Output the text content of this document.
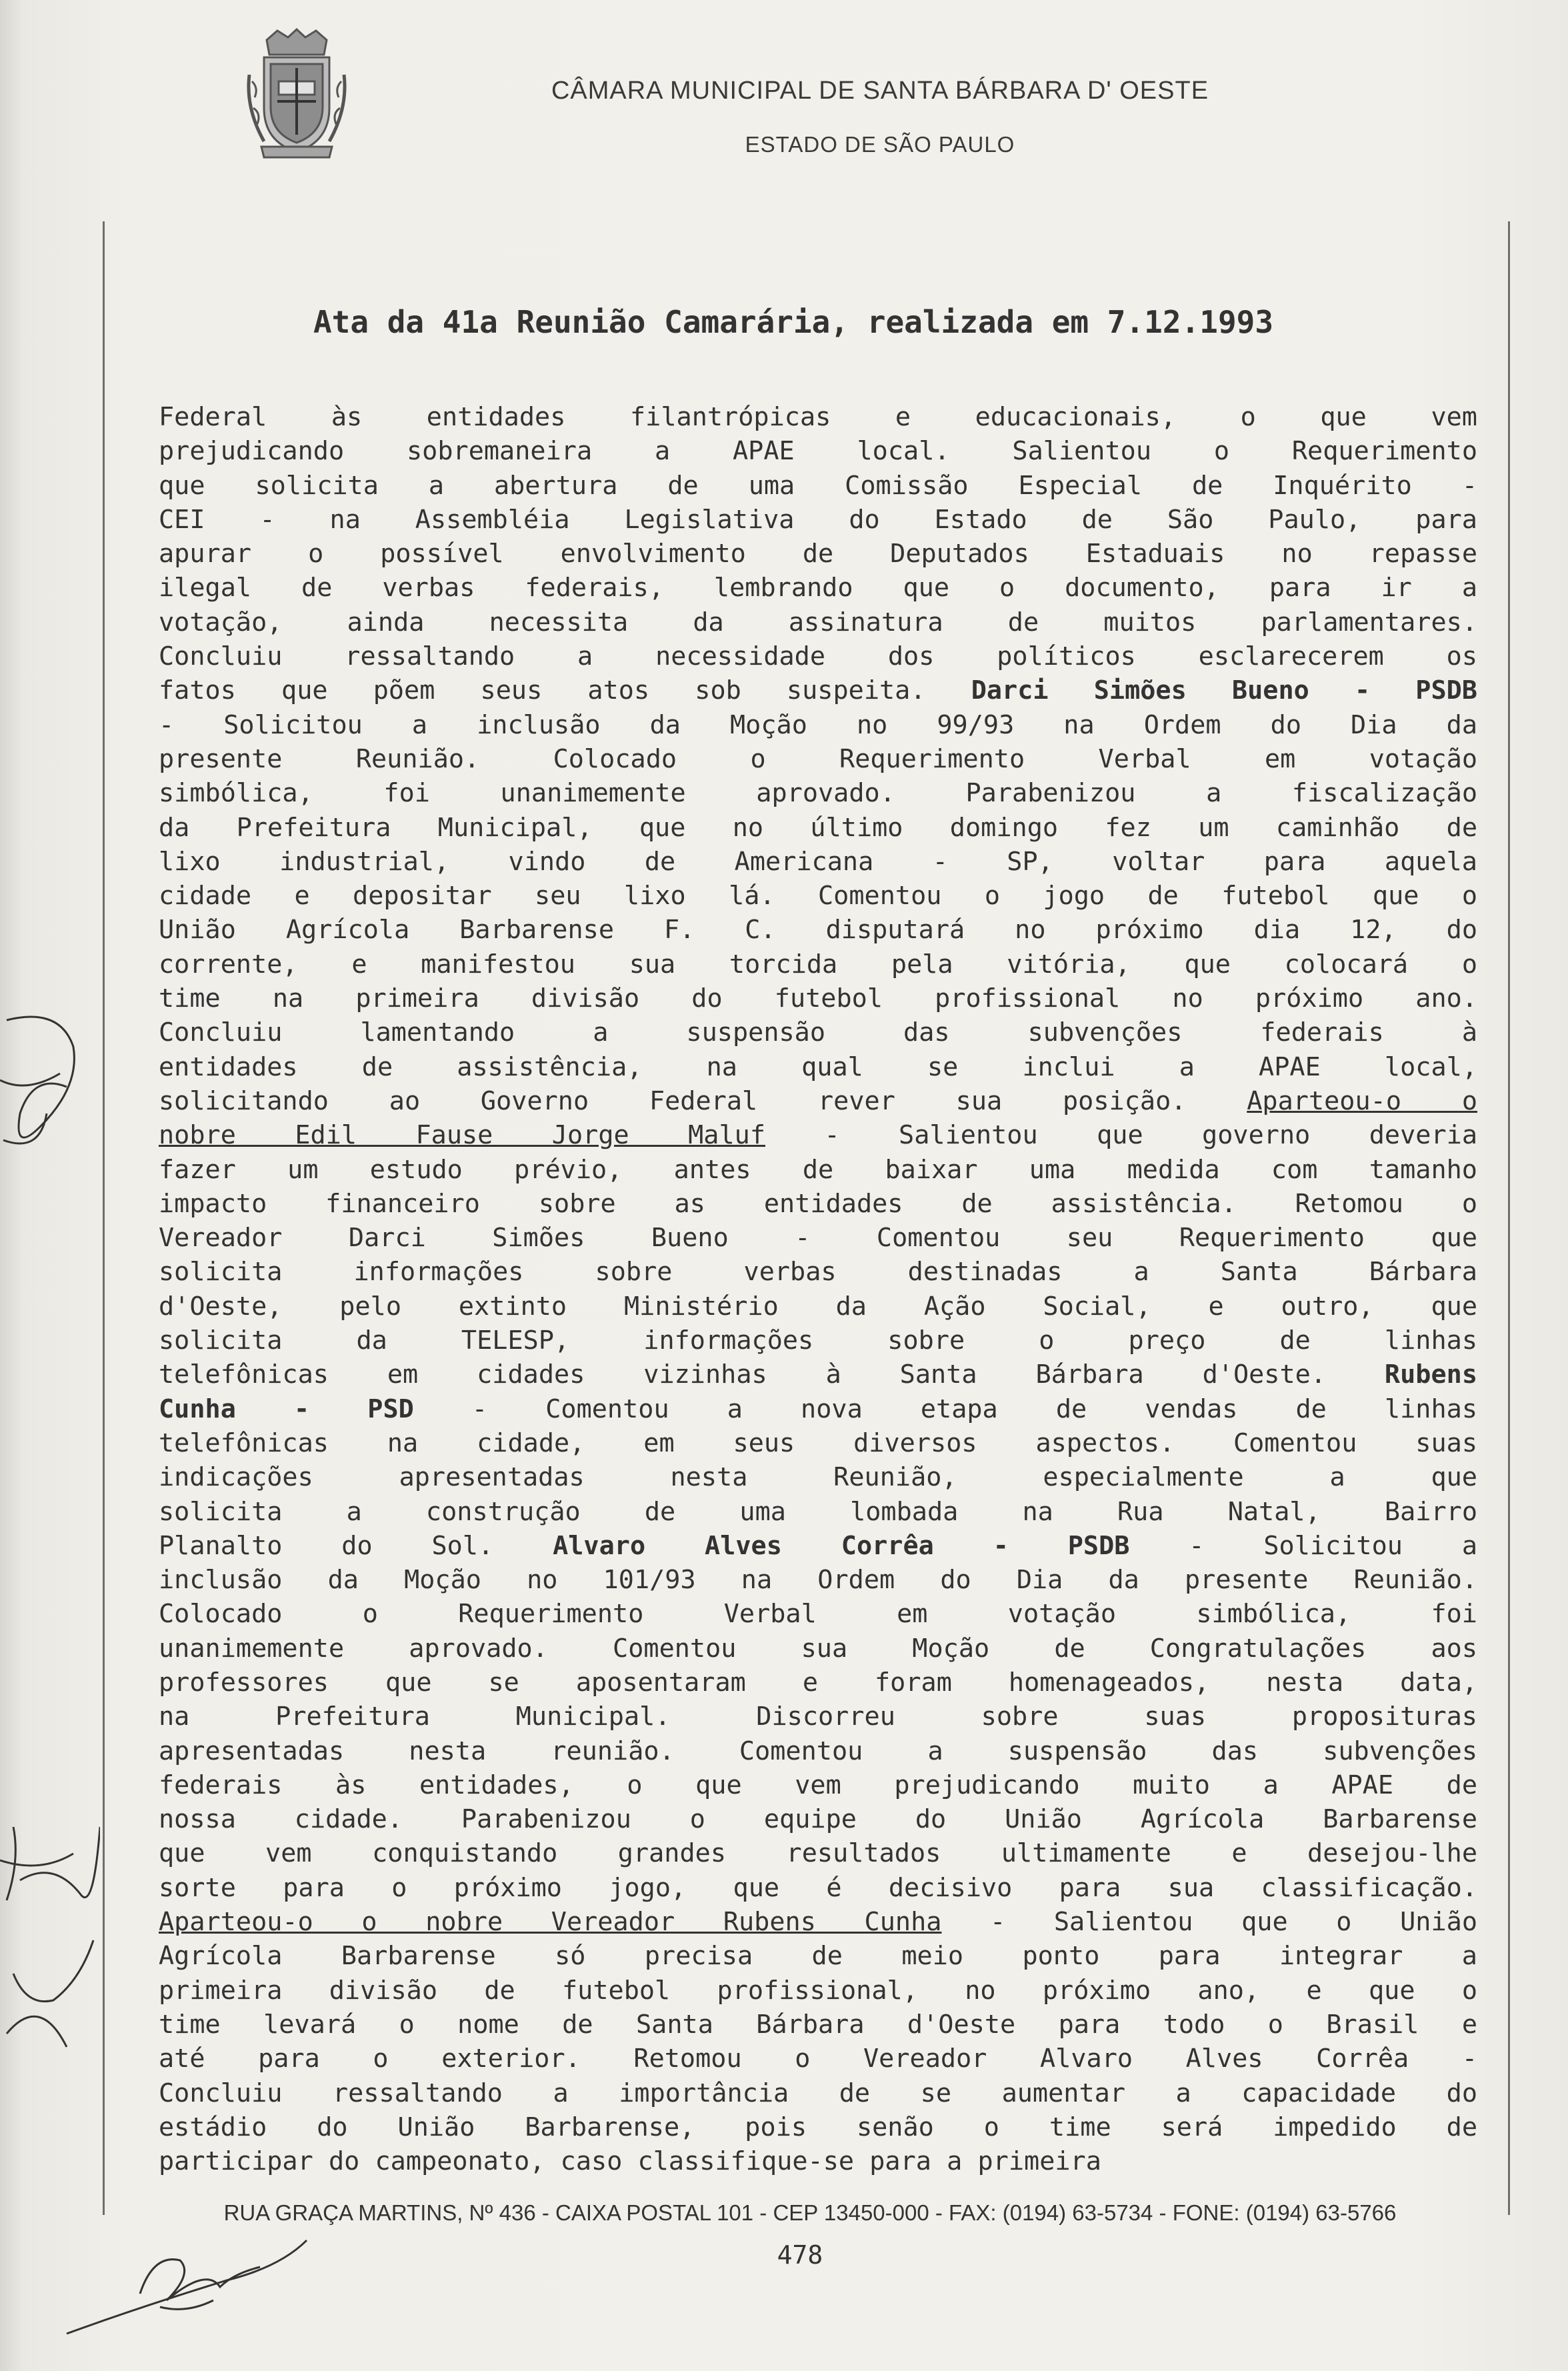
CÂMARA MUNICIPAL DE SANTA BÁRBARA D' OESTE
ESTADO DE SÃO PAULO
Ata da 41a Reunião Camarária, realizada em 7.12.1993
Federal às entidades filantrópicas e educacionais, o que vem
prejudicando sobremaneira a APAE local. Salientou o Requerimento
que solicita a abertura de uma Comissão Especial de Inquérito -
CEI - na Assembléia Legislativa do Estado de São Paulo, para
apurar o possível envolvimento de Deputados Estaduais no repasse
ilegal de verbas federais, lembrando que o documento, para ir a
votação, ainda necessita da assinatura de muitos parlamentares.
Concluiu ressaltando a necessidade dos políticos esclarecerem os
fatos que põem seus atos sob suspeita. Darci Simões Bueno - PSDB
- Solicitou a inclusão da Moção no 99/93 na Ordem do Dia da
presente Reunião. Colocado o Requerimento Verbal em votação
simbólica, foi unanimemente aprovado. Parabenizou a fiscalização
da Prefeitura Municipal, que no último domingo fez um caminhão de
lixo industrial, vindo de Americana - SP, voltar para aquela
cidade e depositar seu lixo lá. Comentou o jogo de futebol que o
União Agrícola Barbarense F. C. disputará no próximo dia 12, do
corrente, e manifestou sua torcida pela vitória, que colocará o
time na primeira divisão do futebol profissional no próximo ano.
Concluiu lamentando a suspensão das subvenções federais à
entidades de assistência, na qual se inclui a APAE local,
solicitando ao Governo Federal rever sua posição. Aparteou-o o
nobre Edil Fause Jorge Maluf - Salientou que governo deveria
fazer um estudo prévio, antes de baixar uma medida com tamanho
impacto financeiro sobre as entidades de assistência. Retomou o
Vereador Darci Simões Bueno - Comentou seu Requerimento que
solicita informações sobre verbas destinadas a Santa Bárbara
d'Oeste, pelo extinto Ministério da Ação Social, e outro, que
solicita da TELESP, informações sobre o preço de linhas
telefônicas em cidades vizinhas à Santa Bárbara d'Oeste. Rubens
Cunha - PSD - Comentou a nova etapa de vendas de linhas
telefônicas na cidade, em seus diversos aspectos. Comentou suas
indicações apresentadas nesta Reunião, especialmente a que
solicita a construção de uma lombada na Rua Natal, Bairro
Planalto do Sol. Alvaro Alves Corrêa - PSDB - Solicitou a
inclusão da Moção no 101/93 na Ordem do Dia da presente Reunião.
Colocado o Requerimento Verbal em votação simbólica, foi
unanimemente aprovado. Comentou sua Moção de Congratulações aos
professores que se aposentaram e foram homenageados, nesta data,
na Prefeitura Municipal. Discorreu sobre suas proposituras
apresentadas nesta reunião. Comentou a suspensão das subvenções
federais às entidades, o que vem prejudicando muito a APAE de
nossa cidade. Parabenizou o equipe do União Agrícola Barbarense
que vem conquistando grandes resultados ultimamente e desejou-lhe
sorte para o próximo jogo, que é decisivo para sua classificação.
Aparteou-o o nobre Vereador Rubens Cunha - Salientou que o União
Agrícola Barbarense só precisa de meio ponto para integrar a
primeira divisão de futebol profissional, no próximo ano, e que o
time levará o nome de Santa Bárbara d'Oeste para todo o Brasil e
até para o exterior. Retomou o Vereador Alvaro Alves Corrêa -
Concluiu ressaltando a importância de se aumentar a capacidade do
estádio do União Barbarense, pois senão o time será impedido de
participar do campeonato, caso classifique-se para a primeira
RUA GRAÇA MARTINS, Nº 436 - CAIXA POSTAL 101 - CEP 13450-000 - FAX: (0194) 63-5734 - FONE: (0194) 63-5766
478
